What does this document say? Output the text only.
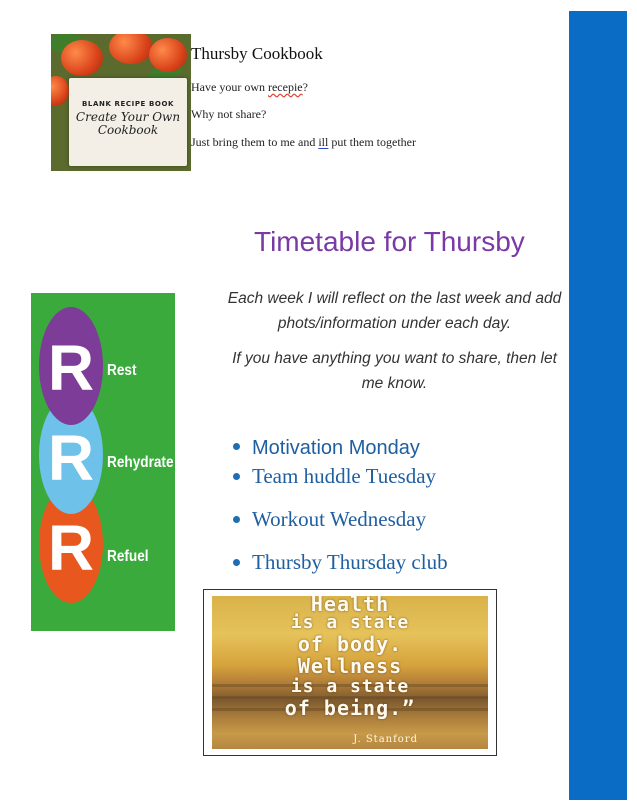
BLANK RECIPE BOOK
Create Your Own Cookbook
Thursby Cookbook
Have your own recepie?
Why not share?
Just bring them to me and ill put them together
Timetable for Thursby
Each week I will reflect on the last week and add phots/information under each day.
If you have anything you want to share, then let me know.
R
R
R
Rest
Rehydrate
Refuel
Motivation Monday
Team huddle Tuesday
Workout Wednesday
Thursby Thursday club
Health
is a state
of body.
Wellness
is a state
of being.”
J. Stanford
